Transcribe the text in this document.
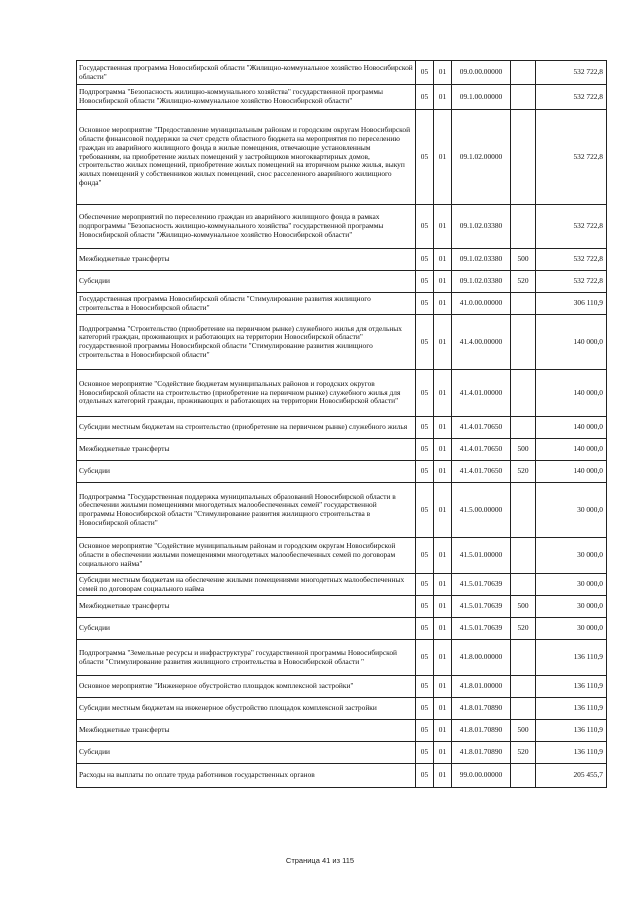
Государственная программа Новосибирской области "Жилищно-коммунальное хозяйство Новосибирской области"	05	01	09.0.00.00000		532 722,8
Подпрограмма "Безопасность жилищно-коммунального хозяйства" государственной программы Новосибирской области "Жилищно-коммунальное хозяйство Новосибирской области"	05	01	09.1.00.00000		532 722,8
Основное мероприятие "Предоставление муниципальным районам и городским округам Новосибирской области финансовой поддержки за счет средств областного бюджета на мероприятия по переселению граждан из аварийного жилищного фонда в жилые помещения, отвечающие установленным требованиям, на приобретение жилых помещений у застройщиков многоквартирных домов, строительство жилых помещений, приобретение жилых помещений на вторичном рынке жилья, выкуп жилых помещений у собственников жилых помещений, снос расселенного аварийного жилищного фонда"	05	01	09.1.02.00000		532 722,8
Обеспечение мероприятий по переселению граждан из аварийного жилищного фонда в рамках подпрограммы "Безопасность жилищно-коммунального хозяйства" государственной программы Новосибирской области "Жилищно-коммунальное хозяйство Новосибирской области"	05	01	09.1.02.03380		532 722,8
Межбюджетные трансферты	05	01	09.1.02.03380	500	532 722,8
Субсидии	05	01	09.1.02.03380	520	532 722,8
Государственная программа Новосибирской области "Стимулирование развития жилищного строительства в Новосибирской области"	05	01	41.0.00.00000		306 110,9
Подпрограмма "Строительство (приобретение на первичном рынке) служебного жилья для отдельных категорий граждан, проживающих и работающих на территории Новосибирской области" государственной программы Новосибирской области "Стимулирование развития жилищного строительства в Новосибирской области"	05	01	41.4.00.00000		140 000,0
Основное мероприятие "Содействие бюджетам муниципальных районов и городских округов Новосибирской области на строительство (приобретение на первичном рынке) служебного жилья для отдельных категорий граждан, проживающих и работающих на территории Новосибирской области"	05	01	41.4.01.00000		140 000,0
Субсидии местным бюджетам на строительство (приобретение на первичном рынке) служебного жилья	05	01	41.4.01.70650		140 000,0
Межбюджетные трансферты	05	01	41.4.01.70650	500	140 000,0
Субсидии	05	01	41.4.01.70650	520	140 000,0
Подпрограмма "Государственная поддержка муниципальных образований Новосибирской области в обеспечении жилыми помещениями многодетных малообеспеченных семей" государственной программы Новосибирской области "Стимулирование развития жилищного строительства в Новосибирской области"	05	01	41.5.00.00000		30 000,0
Основное мероприятие "Содействие муниципальным районам и городским округам Новосибирской области в обеспечении жилыми помещениями многодетных малообеспеченных семей по договорам социального найма"	05	01	41.5.01.00000		30 000,0
Субсидии местным бюджетам на обеспечение жилыми помещениями многодетных малообеспеченных семей по договорам социального найма	05	01	41.5.01.70639		30 000,0
Межбюджетные трансферты	05	01	41.5.01.70639	500	30 000,0
Субсидии	05	01	41.5.01.70639	520	30 000,0
Подпрограмма "Земельные ресурсы и инфраструктура" государственной программы Новосибирской области "Стимулирование развития жилищного строительства в Новосибирской области "	05	01	41.8.00.00000		136 110,9
Основное мероприятие "Инженерное обустройство площадок комплексной застройки"	05	01	41.8.01.00000		136 110,9
Субсидии местным бюджетам на инженерное обустройство площадок комплексной застройки	05	01	41.8.01.70890		136 110,9
Межбюджетные трансферты	05	01	41.8.01.70890	500	136 110,9
Субсидии	05	01	41.8.01.70890	520	136 110,9
Расходы на выплаты по оплате труда работников государственных органов	05	01	99.0.00.00000		205 455,7
Страница 41 из 115
